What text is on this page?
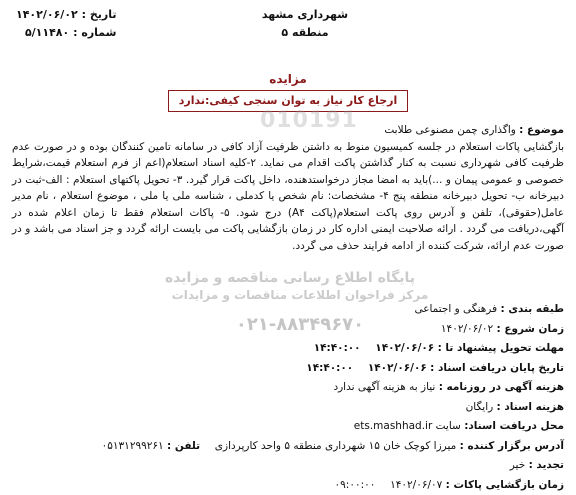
تاریخ : ۱۴۰۲/۰۶/۰۲
شماره : ۵/۱۱۴۸۰
شهرداری مشهد
منطقه ۵
مزایده
ارجاع کار نیاز به توان سنجی کیفی:ندارد
010191
پایگاه اطلاع رسانی مناقصه و مزایده
مرکز فراخوان اطلاعات مناقصات و مزایدات
۰۲۱-۸۸۳۴۹۶۷۰
موضوع : واگذاری چمن مصنوعی طلابت
بازگشایی پاکات استعلام در جلسه کمیسیون منوط به داشتن ظرفیت آزاد کافی در سامانه تامین کنندگان بوده و در صورت عدم ظرفیت کافی شهرداری نسبت به کنار گذاشتن پاکت اقدام می نماید. ۲-کلیه اسناد استعلام(اعم از فرم استعلام قیمت،شرایط خصوصی و عمومی پیمان و ...)باید به امضا مجاز درخواستدهنده، داخل پاکت قرار گیرد. ۳- تحویل پاکتهای استعلام : الف-ثبت در دبیرخانه ب- تحویل دبیرخانه منطقه پنج ۴- مشخصات: نام شخص یا کدملی ، شناسه ملی یا ملی ، موضوع استعلام ، نام مدیر عامل(حقوقی)، تلفن و آدرس روی پاکت استعلام(پاکت A۴) درج شود. ۵- پاکات استعلام فقط تا زمان اعلام شده در آگهی،دریافت می گردد . ارائه صلاحیت ایمنی اداره کار در زمان بازگشایی پاکت می بایست ارائه گردد و جز اسناد می باشد و در صورت عدم ارائه، شرکت کننده از ادامه فرایند حذف می گردد.
طبقه بندی : فرهنگی و اجتماعی
زمان شروع : ۱۴۰۲/۰۶/۰۲
مهلت تحویل پیشنهاد تا : ۱۴۰۲/۰۶/۰۶  ۱۴:۴۰:۰۰
تاریخ پایان دریافت اسناد : ۱۴۰۲/۰۶/۰۶  ۱۴:۴۰:۰۰
هزینه آگهی در روزنامه : نیاز به هزینه آگهی ندارد
هزینه اسناد : رایگان
محل دریافت اسناد: سایت ets.mashhad.ir
آدرس برگزار کننده : میرزا کوچک خان ۱۵ شهرداری منطقه ۵ واحد کارپردازی  تلفن : ۰۵۱۳۱۲۹۹۲۶۱
تجدید : خیر
زمان بازگشایی پاکات : ۱۴۰۲/۰۶/۰۷  ۰۹:۰۰:۰۰
